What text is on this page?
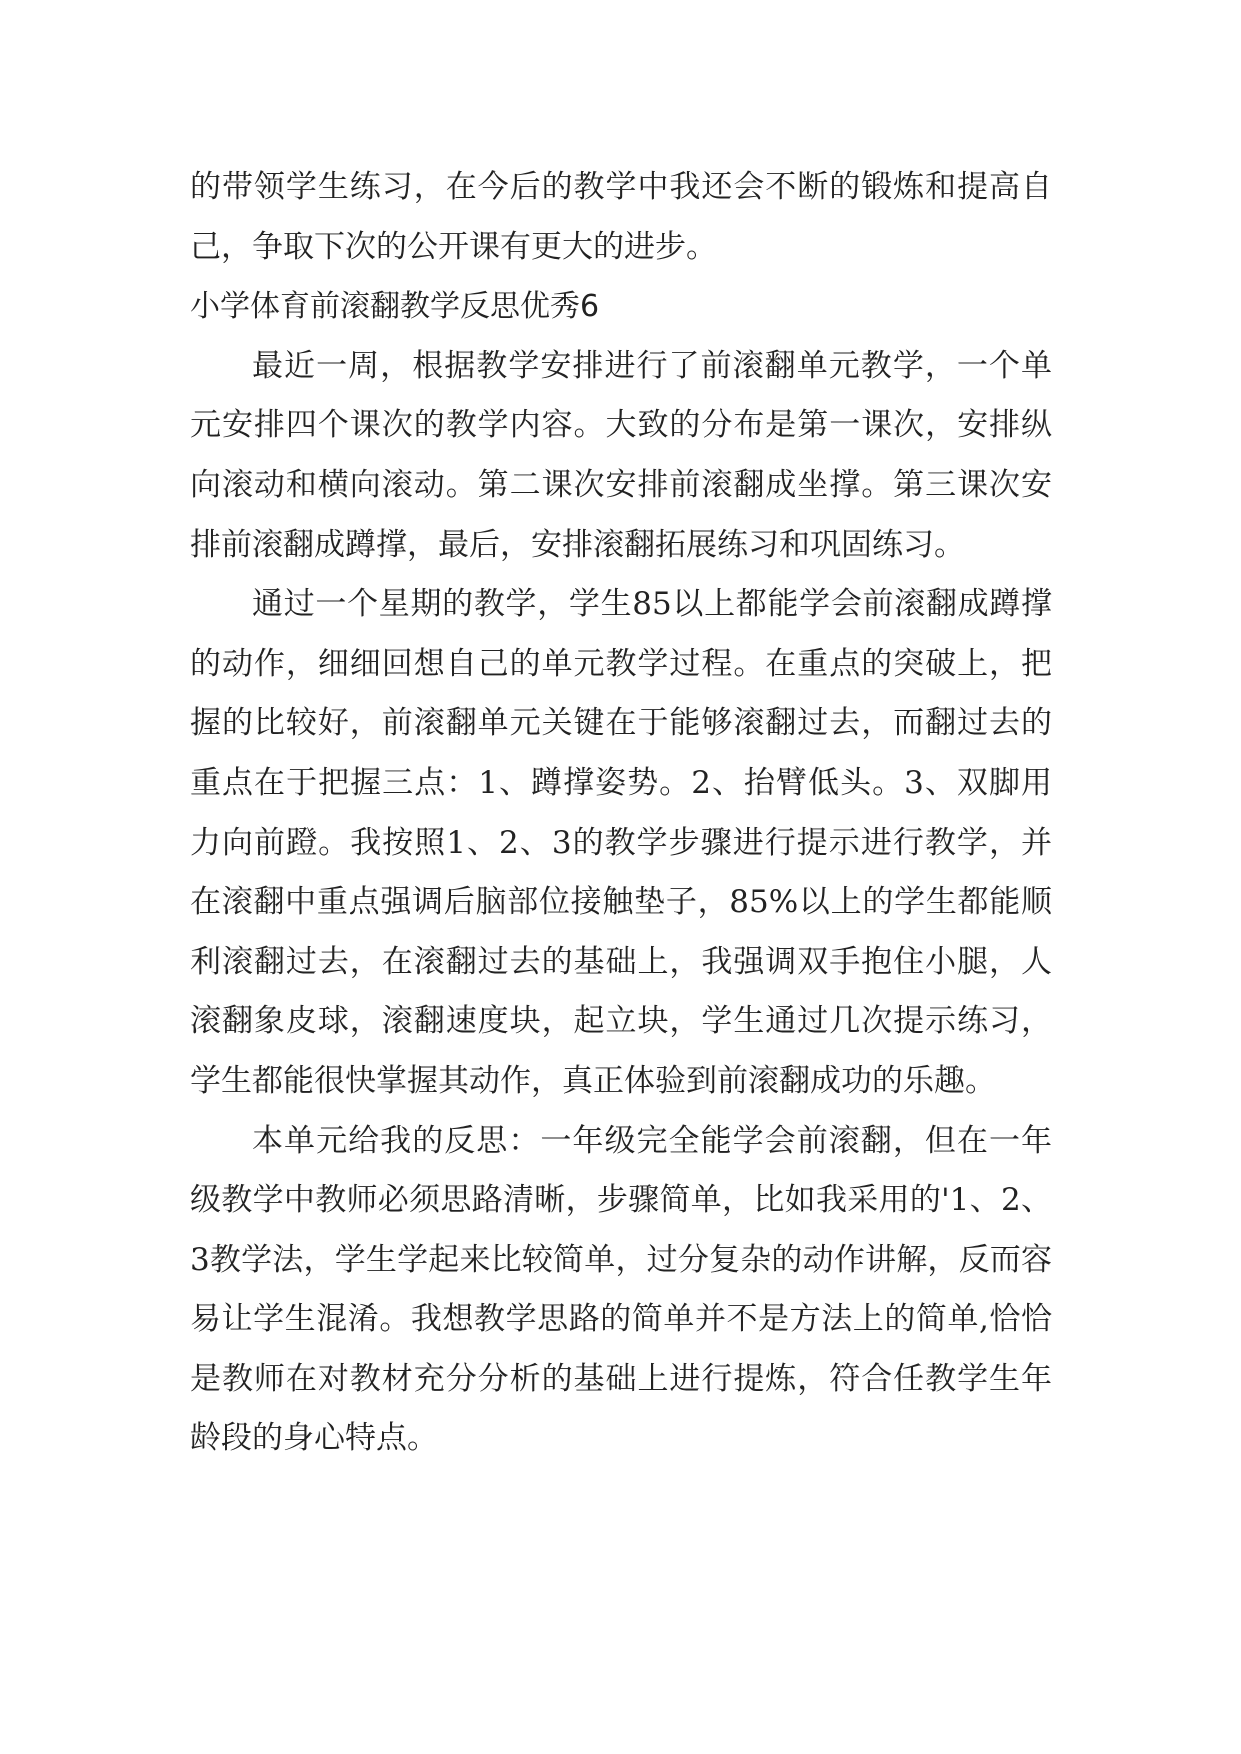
的带领学生练习，在今后的教学中我还会不断的锻炼和提高自己，争取下次的公开课有更大的进步。

小学体育前滚翻教学反思优秀6

最近一周，根据教学安排进行了前滚翻单元教学，一个单元安排四个课次的教学内容。大致的分布是第一课次，安排纵向滚动和横向滚动。第二课次安排前滚翻成坐撑。第三课次安排前滚翻成蹲撑，最后，安排滚翻拓展练习和巩固练习。

通过一个星期的教学，学生85以上都能学会前滚翻成蹲撑的动作，细细回想自己的单元教学过程。在重点的突破上，把握的比较好，前滚翻单元关键在于能够滚翻过去，而翻过去的重点在于把握三点：1、蹲撑姿势。2、抬臂低头。3、双脚用力向前蹬。我按照1、2、3的教学步骤进行提示进行教学，并在滚翻中重点强调后脑部位接触垫子，85%以上的学生都能顺利滚翻过去，在滚翻过去的基础上，我强调双手抱住小腿，人滚翻象皮球，滚翻速度块，起立块，学生通过几次提示练习，学生都能很快掌握其动作，真正体验到前滚翻成功的乐趣。

本单元给我的反思：一年级完全能学会前滚翻，但在一年级教学中教师必须思路清晰，步骤简单，比如我采用的'1、2、3教学法，学生学起来比较简单，过分复杂的动作讲解，反而容易让学生混淆。我想教学思路的简单并不是方法上的简单,恰恰是教师在对教材充分分析的基础上进行提炼，符合任教学生年龄段的身心特点。
